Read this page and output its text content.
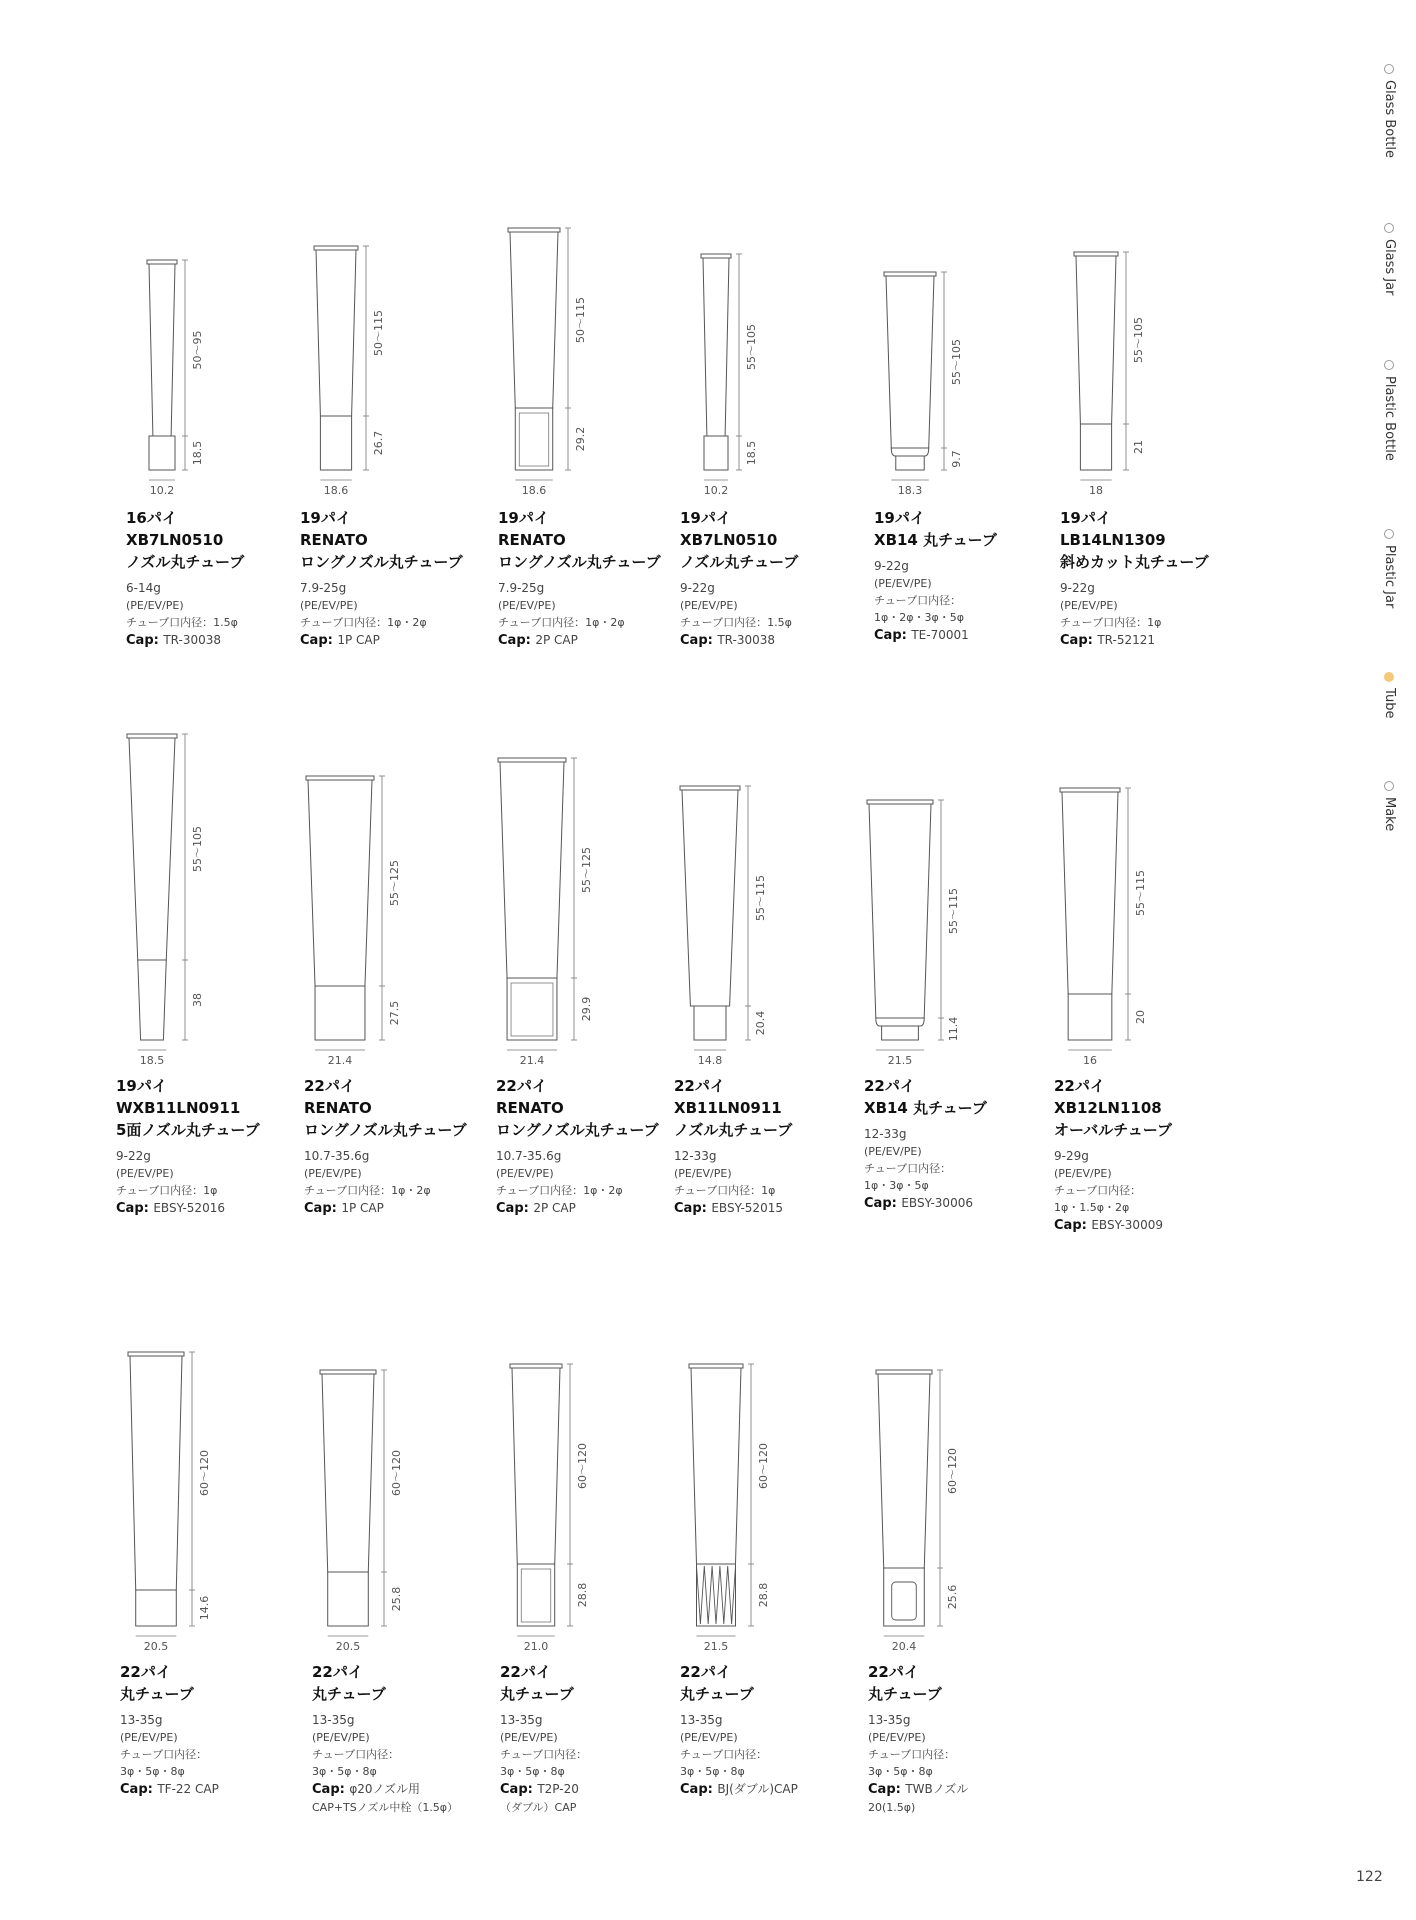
50～95
18.5
10.2
16パイ
XB7LN0510
ノズル丸チューブ
6-14g
(PE/EV/PE)
チューブ口内径：1.5φ
Cap: TR-30038
50～115
26.7
18.6
19パイ
RENATO
ロングノズル丸チューブ
7.9-25g
(PE/EV/PE)
チューブ口内径：1φ・2φ
Cap: 1P CAP
50～115
29.2
18.6
19パイ
RENATO
ロングノズル丸チューブ
7.9-25g
(PE/EV/PE)
チューブ口内径：1φ・2φ
Cap: 2P CAP
55～105
18.5
10.2
19パイ
XB7LN0510
ノズル丸チューブ
9-22g
(PE/EV/PE)
チューブ口内径：1.5φ
Cap: TR-30038
55～105
9.7
18.3
19パイ
XB14 丸チューブ
9-22g
(PE/EV/PE)
チューブ口内径：
1φ・2φ・3φ・5φ
Cap: TE-70001
55～105
21
18
19パイ
LB14LN1309
斜めカット丸チューブ
9-22g
(PE/EV/PE)
チューブ口内径：1φ
Cap: TR-52121
55～105
38
18.5
19パイ
WXB11LN0911
5面ノズル丸チューブ
9-22g
(PE/EV/PE)
チューブ口内径：1φ
Cap: EBSY-52016
55～125
27.5
21.4
22パイ
RENATO
ロングノズル丸チューブ
10.7-35.6g
(PE/EV/PE)
チューブ口内径：1φ・2φ
Cap: 1P CAP
55～125
29.9
21.4
22パイ
RENATO
ロングノズル丸チューブ
10.7-35.6g
(PE/EV/PE)
チューブ口内径：1φ・2φ
Cap: 2P CAP
55～115
20.4
14.8
22パイ
XB11LN0911
ノズル丸チューブ
12-33g
(PE/EV/PE)
チューブ口内径：1φ
Cap: EBSY-52015
55～115
11.4
21.5
22パイ
XB14 丸チューブ
12-33g
(PE/EV/PE)
チューブ口内径：
1φ・3φ・5φ
Cap: EBSY-30006
55～115
20
16
22パイ
XB12LN1108
オーバルチューブ
9-29g
(PE/EV/PE)
チューブ口内径：
1φ・1.5φ・2φ
Cap: EBSY-30009
60～120
14.6
20.5
22パイ
丸チューブ
13-35g
(PE/EV/PE)
チューブ口内径：
3φ・5φ・8φ
Cap: TF-22 CAP
60～120
25.8
20.5
22パイ
丸チューブ
13-35g
(PE/EV/PE)
チューブ口内径：
3φ・5φ・8φ
Cap: φ20ノズル用
CAP+TSノズル中栓（1.5φ）
60～120
28.8
21.0
22パイ
丸チューブ
13-35g
(PE/EV/PE)
チューブ口内径：
3φ・5φ・8φ
Cap: T2P-20
（ダブル）CAP
60～120
28.8
21.5
22パイ
丸チューブ
13-35g
(PE/EV/PE)
チューブ口内径：
3φ・5φ・8φ
Cap: BJ(ダブル)CAP
60～120
25.6
20.4
22パイ
丸チューブ
13-35g
(PE/EV/PE)
チューブ口内径：
3φ・5φ・8φ
Cap: TWBノズル
20(1.5φ)
Glass Bottle
Glass Jar
Plastic Bottle
Plastic Jar
Tube
Make
122
